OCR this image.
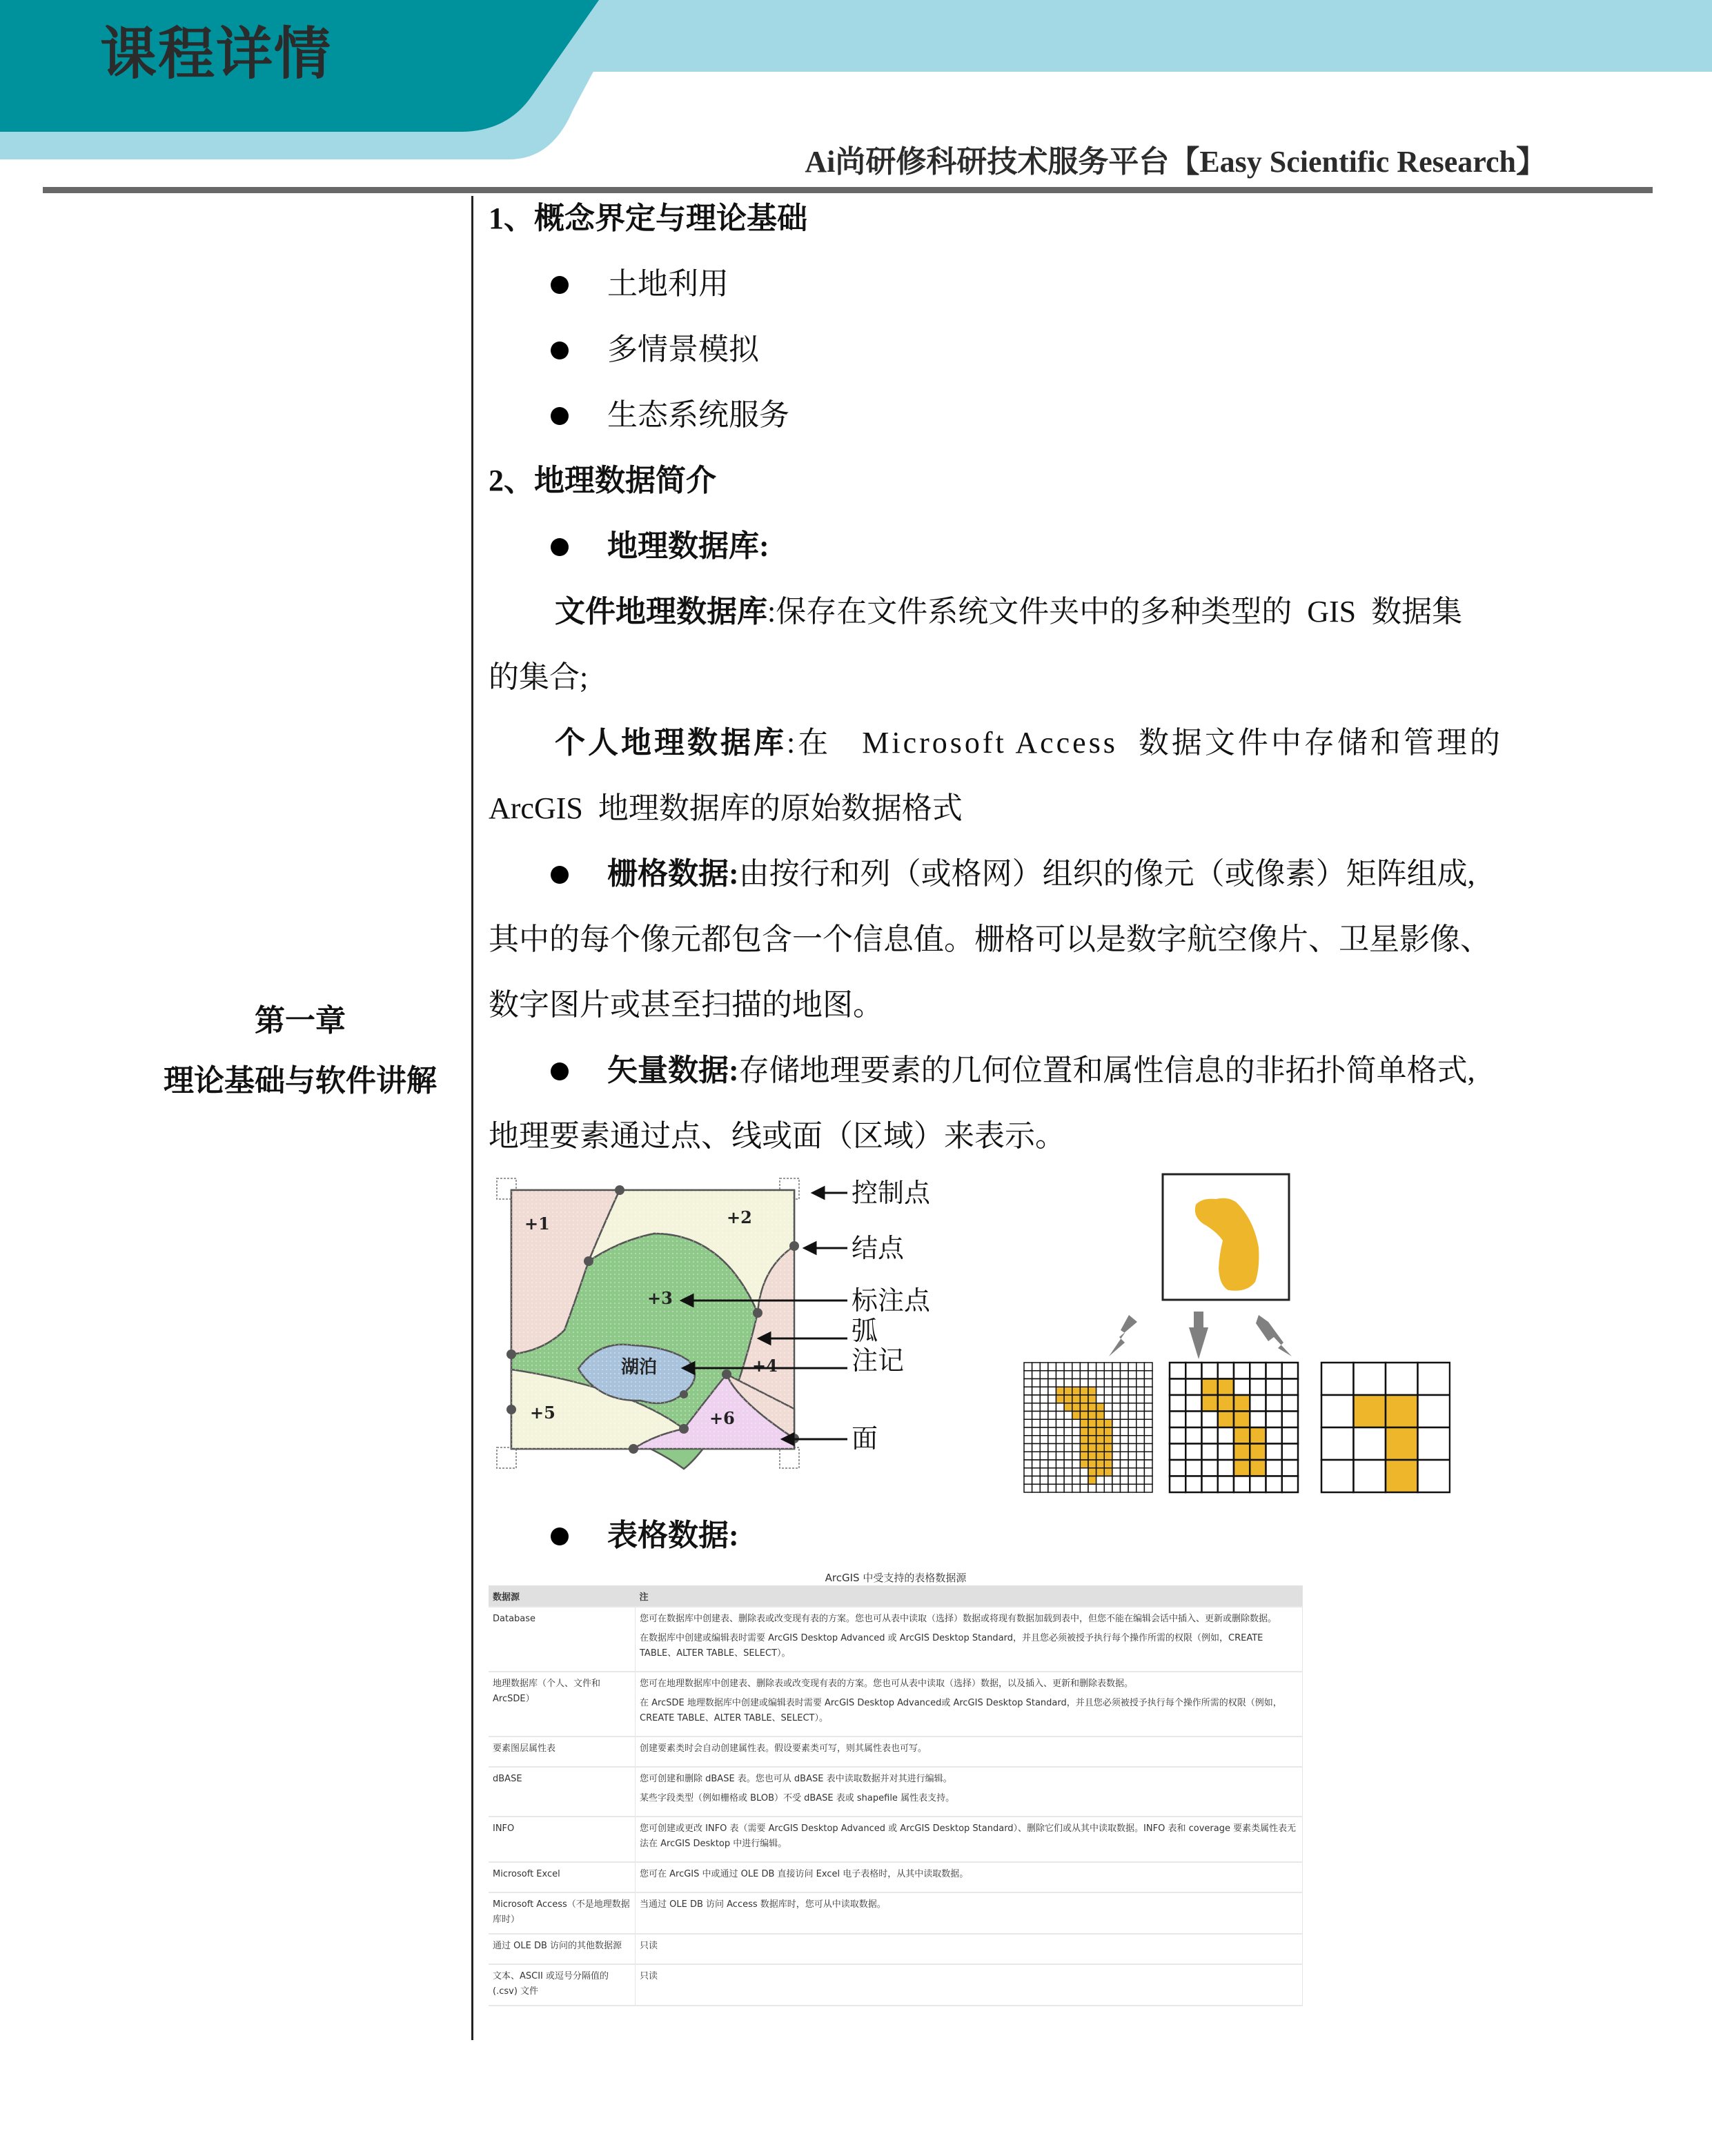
课程详情
Ai尚研修科研技术服务平台【Easy Scientific Research】
第一章
理论基础与软件讲解
1、概念界定与理论基础
土地利用
多情景模拟
生态系统服务
2、地理数据简介
地理数据库:
文件地理数据库:保存在文件系统文件夹中的多种类型的  GIS  数据集
的集合;
个人地理数据库:在   Microsoft Access  数据文件中存储和管理的
ArcGIS  地理数据库的原始数据格式
栅格数据:由按行和列（或格网）组织的像元（或像素）矩阵组成,
其中的每个像元都包含一个信息值。栅格可以是数字航空像片、卫星影像、
数字图片或甚至扫描的地图。
矢量数据:存储地理要素的几何位置和属性信息的非拓扑简单格式,
地理要素通过点、线或面（区域）来表示。
表格数据:
+1	+2
+3
+4
+5	+6
湖泊
控制点
结点
标注点
弧
注记
面
ArcGIS 中受支持的表格数据源
数据源	注
Database	您可在数据库中创建表、删除表或改变现有表的方案。您也可从表中读取（选择）数据或将现有数据加载到表中，但您不能在编辑会话中插入、更新或删除数据。

在数据库中创建或编辑表时需要 ArcGIS Desktop Advanced 或 ArcGIS Desktop Standard，并且您必须被授予执行每个操作所需的权限（例如，CREATE TABLE、ALTER TABLE、SELECT）。

地理数据库（个人、文件和 ArcSDE）	您可在地理数据库中创建表、删除表或改变现有表的方案。您也可从表中读取（选择）数据，以及插入、更新和删除表数据。

在 ArcSDE 地理数据库中创建或编辑表时需要 ArcGIS Desktop Advanced或 ArcGIS Desktop Standard，并且您必须被授予执行每个操作所需的权限（例如，CREATE TABLE、ALTER TABLE、SELECT）。

要素图层属性表	创建要素类时会自动创建属性表。假设要素类可写，则其属性表也可写。

dBASE	您可创建和删除 dBASE 表。您也可从 dBASE 表中读取数据并对其进行编辑。

某些字段类型（例如栅格或 BLOB）不受 dBASE 表或 shapefile 属性表支持。

INFO	您可创建或更改 INFO 表（需要 ArcGIS Desktop Advanced 或 ArcGIS Desktop Standard）、删除它们或从其中读取数据。INFO 表和 coverage 要素类属性表无法在 ArcGIS Desktop 中进行编辑。

Microsoft Excel	您可在 ArcGIS 中或通过 OLE DB 直接访问 Excel 电子表格时，从其中读取数据。

Microsoft Access（不是地理数据库时）	当通过 OLE DB 访问 Access 数据库时，您可从中读取数据。

通过 OLE DB 访问的其他数据源	只读

文本、ASCII 或逗号分隔值的 (.csv) 文件	只读
